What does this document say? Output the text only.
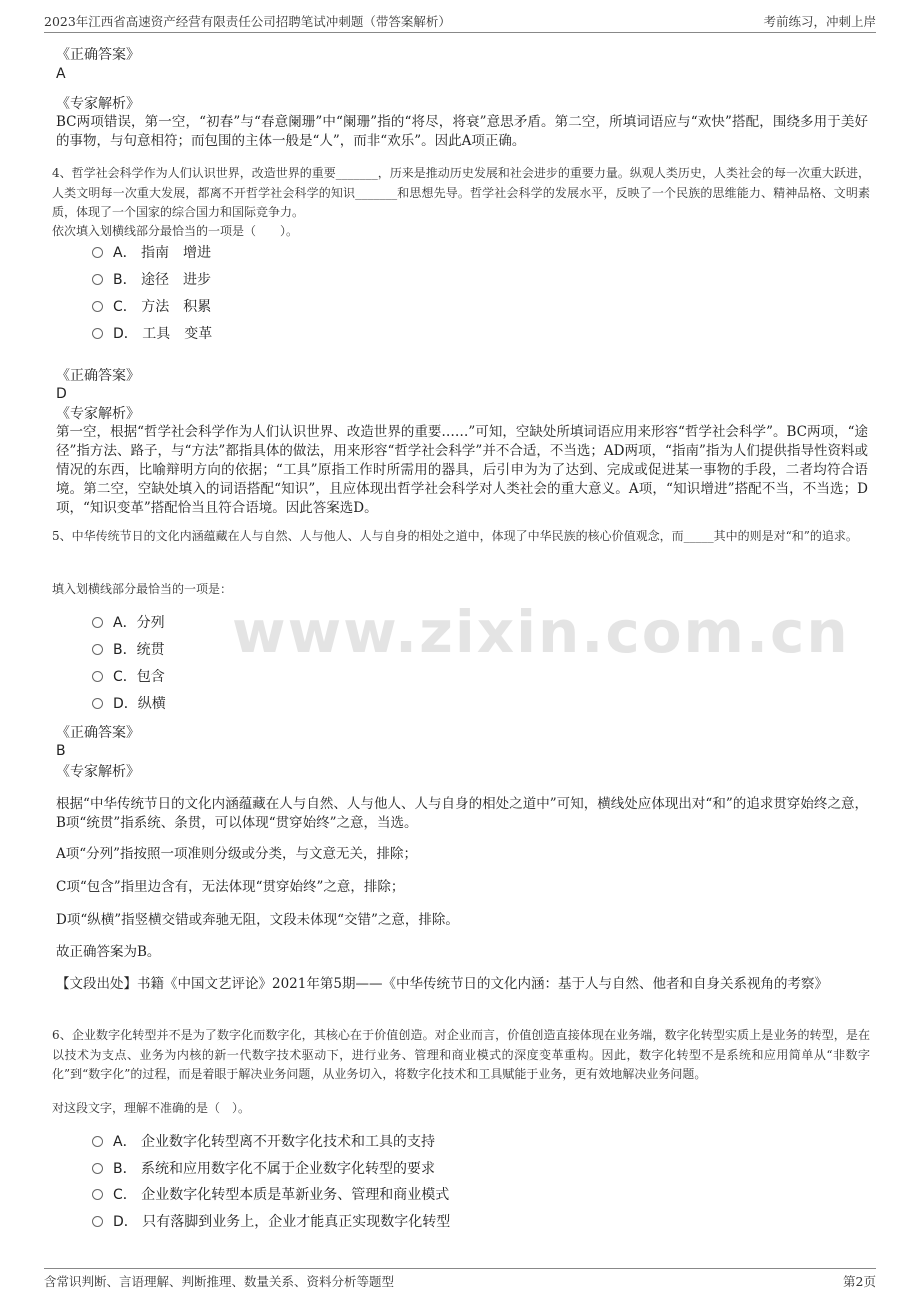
2023年江西省高速资产经营有限责任公司招聘笔试冲刺题（带答案解析）	考前练习，冲刺上岸
www.zixin.com.cn

《正确答案》

A

《专家解析》

BC两项错误，第一空，“初春”与“春意阑珊”中“阑珊”指的“将尽，将衰”意思矛盾。第二空，所填词语应与“欢快”搭配，围绕多用于美好的事物，与句意相符；而包围的主体一般是“人”，而非“欢乐”。因此A项正确。

4、哲学社会科学作为人们认识世界，改造世界的重要_______，历来是推动历史发展和社会进步的重要力量。纵观人类历史，人类社会的每一次重大跃进，人类文明每一次重大发展，都离不开哲学社会科学的知识_______和思想先导。哲学社会科学的发展水平，反映了一个民族的思维能力、精神品格、文明素质，体现了一个国家的综合国力和国际竞争力。

依次填入划横线部分最恰当的一项是（　　）。

A． 指南　增进
B． 途径　进步
C． 方法　积累
D． 工具　变革

《正确答案》

D

《专家解析》

第一空，根据“哲学社会科学作为人们认识世界、改造世界的重要……”可知，空缺处所填词语应用来形容“哲学社会科学”。BC两项，“途径”指方法、路子，与“方法”都指具体的做法，用来形容“哲学社会科学”并不合适，不当选；AD两项，“指南”指为人们提供指导性资料或情况的东西，比喻辩明方向的依据；“工具”原指工作时所需用的器具，后引申为为了达到、完成或促进某一事物的手段，二者均符合语境。第二空，空缺处填入的词语搭配“知识”，且应体现出哲学社会科学对人类社会的重大意义。A项，“知识增进”搭配不当，不当选；D项，“知识变革”搭配恰当且符合语境。因此答案选D。

5、中华传统节日的文化内涵蕴藏在人与自然、人与他人、人与自身的相处之道中，体现了中华民族的核心价值观念，而_____其中的则是对“和”的追求。

填入划横线部分最恰当的一项是：

A．分列
B．统贯
C．包含
D．纵横

《正确答案》

B

《专家解析》

根据“中华传统节日的文化内涵蕴藏在人与自然、人与他人、人与自身的相处之道中”可知，横线处应体现出对“和”的追求贯穿始终之意，B项“统贯”指系统、条贯，可以体现“贯穿始终”之意，当选。

A项“分列”指按照一项准则分级或分类，与文意无关，排除；

C项“包含”指里边含有，无法体现“贯穿始终”之意，排除；

D项“纵横”指竖横交错或奔驰无阻，文段未体现“交错”之意，排除。

故正确答案为B。

【文段出处】书籍《中国文艺评论》2021年第5期——《中华传统节日的文化内涵：基于人与自然、他者和自身关系视角的考察》

6、企业数字化转型并不是为了数字化而数字化，其核心在于价值创造。对企业而言，价值创造直接体现在业务端，数字化转型实质上是业务的转型，是在以技术为支点、业务为内核的新一代数字技术驱动下，进行业务、管理和商业模式的深度变革重构。因此，数字化转型不是系统和应用简单从“非数字化”到“数字化”的过程，而是着眼于解决业务问题，从业务切入，将数字化技术和工具赋能于业务，更有效地解决业务问题。

对这段文字，理解不准确的是（　）。

A． 企业数字化转型离不开数字化技术和工具的支持
B． 系统和应用数字化不属于企业数字化转型的要求
C． 企业数字化转型本质是革新业务、管理和商业模式
D． 只有落脚到业务上，企业才能真正实现数字化转型
含常识判断、言语理解、判断推理、数量关系、资料分析等题型	第2页
